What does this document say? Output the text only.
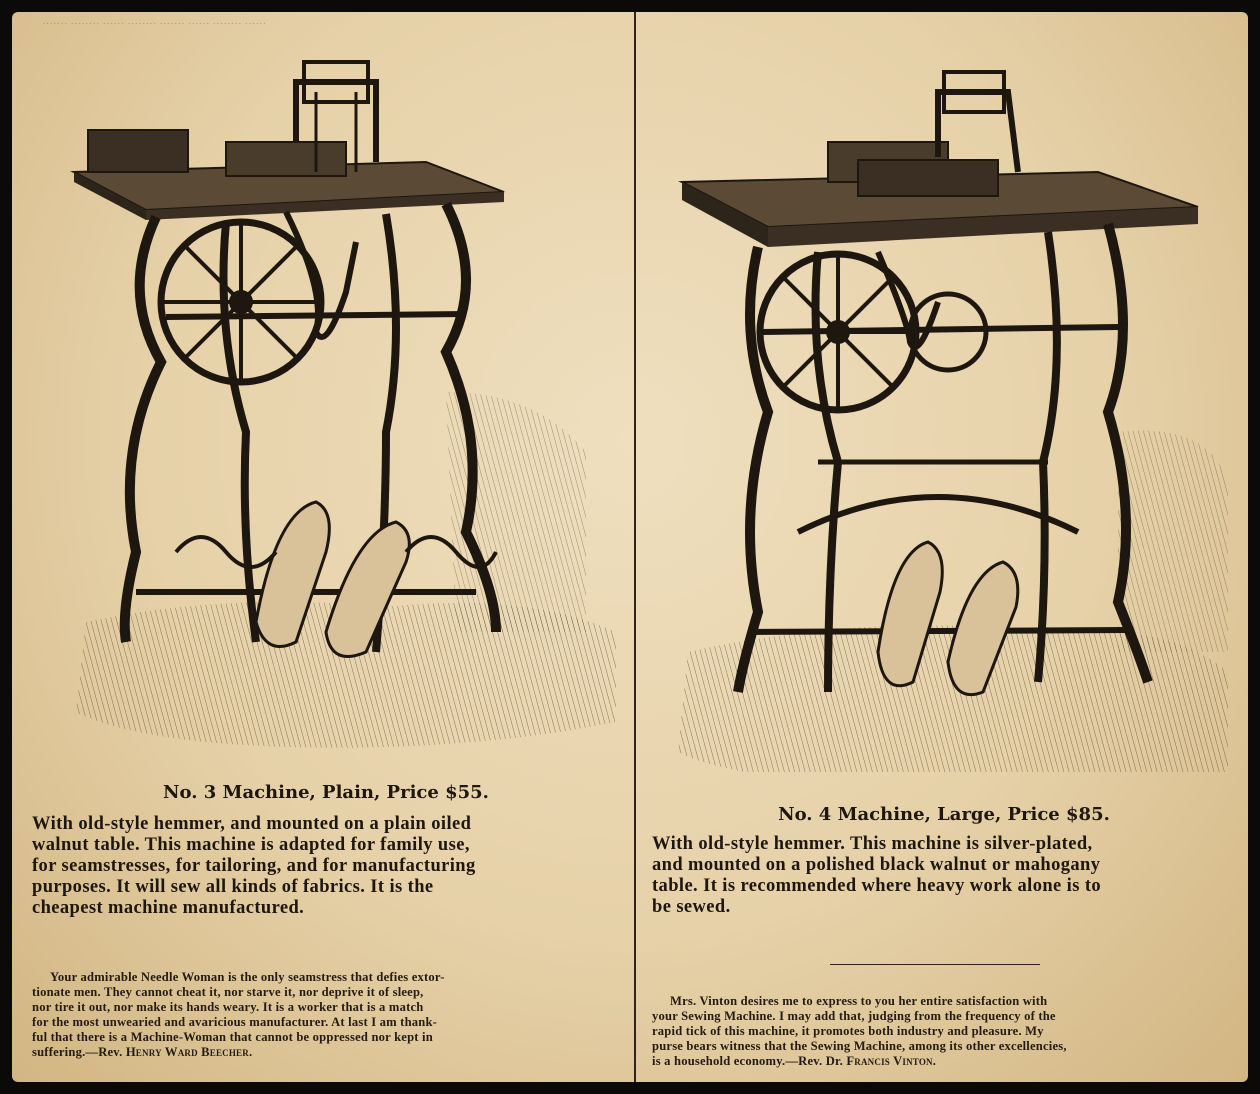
······· ········ ······ ········ ······· ······ ········ ······
No. 3 Machine, Plain, Price $55.
With old-style hemmer, and mounted on a plain oiled
walnut table. This machine is adapted for family use,
for seamstresses, for tailoring, and for manufacturing
purposes. It will sew all kinds of fabrics. It is the
cheapest machine manufactured.
Your admirable Needle Woman is the only seamstress that defies extor-
tionate men. They cannot cheat it, nor starve it, nor deprive it of sleep,
nor tire it out, nor make its hands weary. It is a worker that is a match
for the most unwearied and avaricious manufacturer. At last I am thank-
ful that there is a Machine-Woman that cannot be oppressed nor kept in
suffering.—Rev. Henry Ward Beecher.
No. 4 Machine, Large, Price $85.
With old-style hemmer. This machine is silver-plated,
and mounted on a polished black walnut or mahogany
table. It is recommended where heavy work alone is to
be sewed.
Mrs. Vinton desires me to express to you her entire satisfaction with
your Sewing Machine. I may add that, judging from the frequency of the
rapid tick of this machine, it promotes both industry and pleasure. My
purse bears witness that the Sewing Machine, among its other excellencies,
is a household economy.—Rev. Dr. Francis Vinton.
